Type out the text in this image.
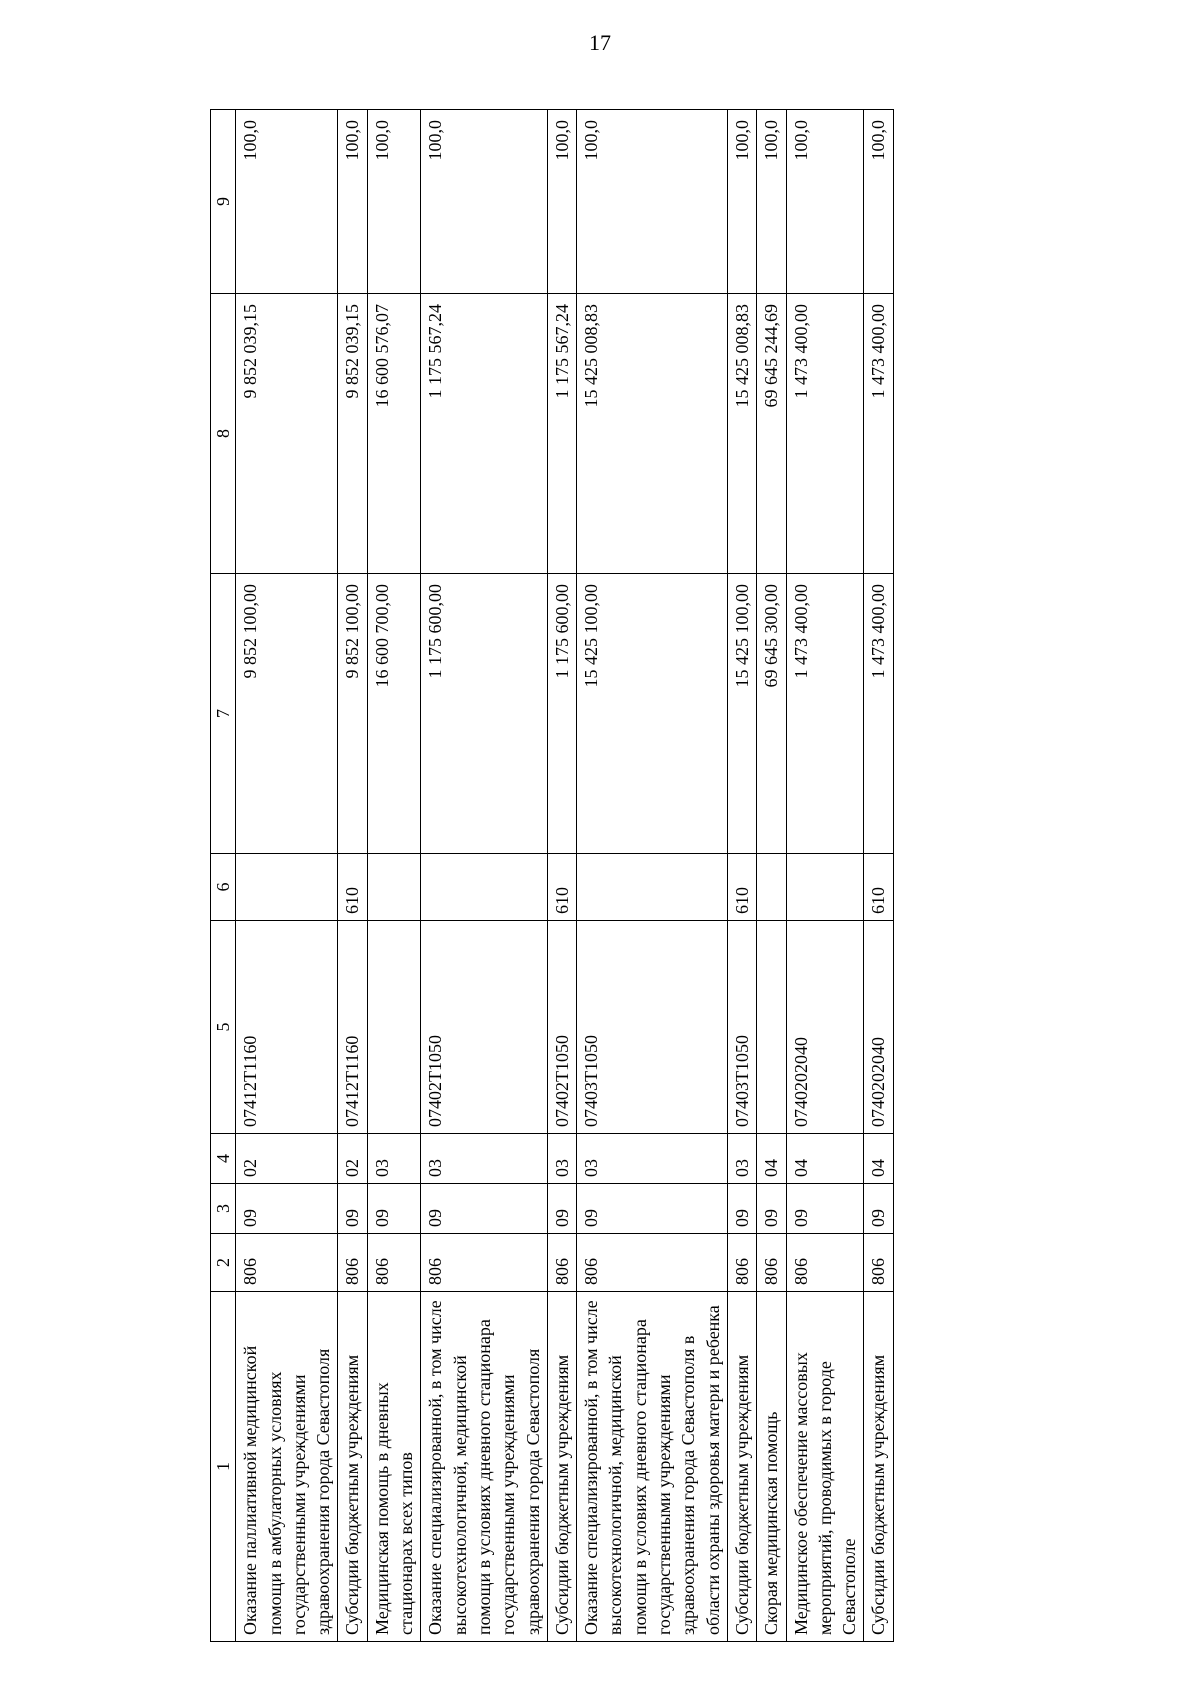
17
1	2	3	4	5	6	7	8	9
Оказание паллиативной медицинской помощи в амбулаторных условиях государственными учреждениями здравоохранения города Севастополя	806	09	02	07412Т1160		9 852 100,00	9 852 039,15	100,0
Субсидии бюджетным учреждениям	806	09	02	07412Т1160	610	9 852 100,00	9 852 039,15	100,0
Медицинская помощь в дневных стационарах всех типов	806	09	03			16 600 700,00	16 600 576,07	100,0
Оказание специализированной, в том числе высокотехнологичной, медицинской помощи в условиях дневного стационара государственными учреждениями здравоохранения города Севастополя	806	09	03	07402Т1050		1 175 600,00	1 175 567,24	100,0
Субсидии бюджетным учреждениям	806	09	03	07402Т1050	610	1 175 600,00	1 175 567,24	100,0
Оказание специализированной, в том числе высокотехнологичной, медицинской помощи в условиях дневного стационара государственными учреждениями здравоохранения города Севастополя в области охраны здоровья матери и ребенка	806	09	03	07403Т1050		15 425 100,00	15 425 008,83	100,0
Субсидии бюджетным учреждениям	806	09	03	07403Т1050	610	15 425 100,00	15 425 008,83	100,0
Скорая медицинская помощь	806	09	04			69 645 300,00	69 645 244,69	100,0
Медицинское обеспечение массовых мероприятий, проводимых в городе Севастополе	806	09	04	0740202040		1 473 400,00	1 473 400,00	100,0
Субсидии бюджетным учреждениям	806	09	04	0740202040	610	1 473 400,00	1 473 400,00	100,0
